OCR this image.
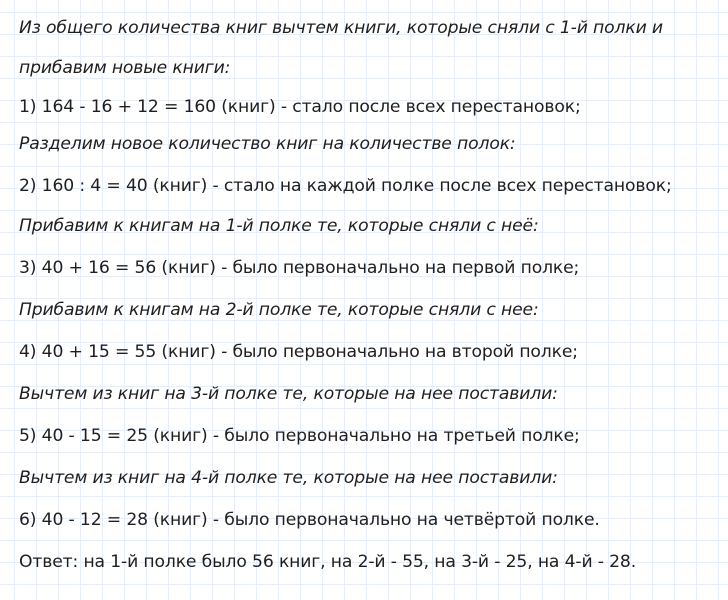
Из общего количества книг вычтем книги, которые сняли с 1-й полки и
прибавим новые книги:
1) 164 - 16 + 12 = 160 (книг) - стало после всех перестановок;
Разделим новое количество книг на количестве полок:
2) 160 : 4 = 40 (книг) - стало на каждой полке после всех перестановок;
Прибавим к книгам на 1-й полке те, которые сняли с неё:
3) 40 + 16 = 56 (книг) - было первоначально на первой полке;
Прибавим к книгам на 2-й полке те, которые сняли с нее:
4) 40 + 15 = 55 (книг) - было первоначально на второй полке;
Вычтем из книг на 3-й полке те, которые на нее поставили:
5) 40 - 15 = 25 (книг) - было первоначально на третьей полке;
Вычтем из книг на 4-й полке те, которые на нее поставили:
6) 40 - 12 = 28 (книг) - было первоначально на четвёртой полке.
Ответ: на 1-й полке было 56 книг, на 2-й - 55, на 3-й - 25, на 4-й - 28.
